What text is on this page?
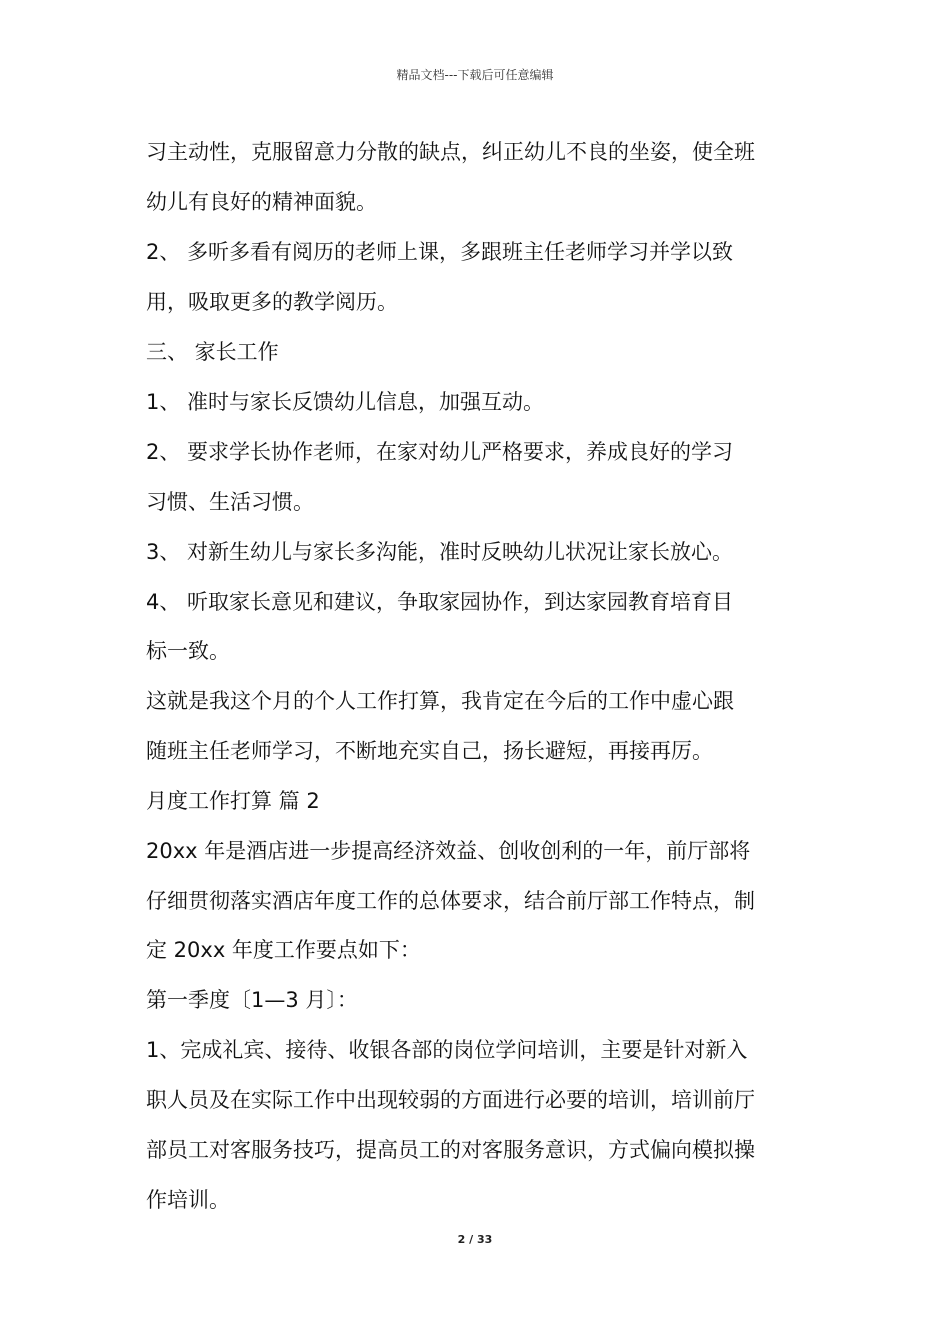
精品文档---下载后可任意编辑
习主动性，克服留意力分散的缺点，纠正幼儿不良的坐姿，使全班
幼儿有良好的精神面貌。
2、 多听多看有阅历的老师上课，多跟班主任老师学习并学以致
用，吸取更多的教学阅历。
三、 家长工作
1、 准时与家长反馈幼儿信息，加强互动。
2、 要求学长协作老师，在家对幼儿严格要求，养成良好的学习
习惯、生活习惯。
3、 对新生幼儿与家长多沟能，准时反映幼儿状况让家长放心。
4、 听取家长意见和建议，争取家园协作，到达家园教育培育目
标一致。
这就是我这个月的个人工作打算，我肯定在今后的工作中虚心跟
随班主任老师学习，不断地充实自己，扬长避短，再接再厉。
月度工作打算 篇 2
20xx 年是酒店进一步提高经济效益、创收创利的一年，前厅部将
仔细贯彻落实酒店年度工作的总体要求，结合前厅部工作特点，制
定 20xx 年度工作要点如下：
第一季度〔1—3 月〕：
1、完成礼宾、接待、收银各部的岗位学问培训，主要是针对新入
职人员及在实际工作中出现较弱的方面进行必要的培训，培训前厅
部员工对客服务技巧，提高员工的对客服务意识，方式偏向模拟操
作培训。
2 / 33
